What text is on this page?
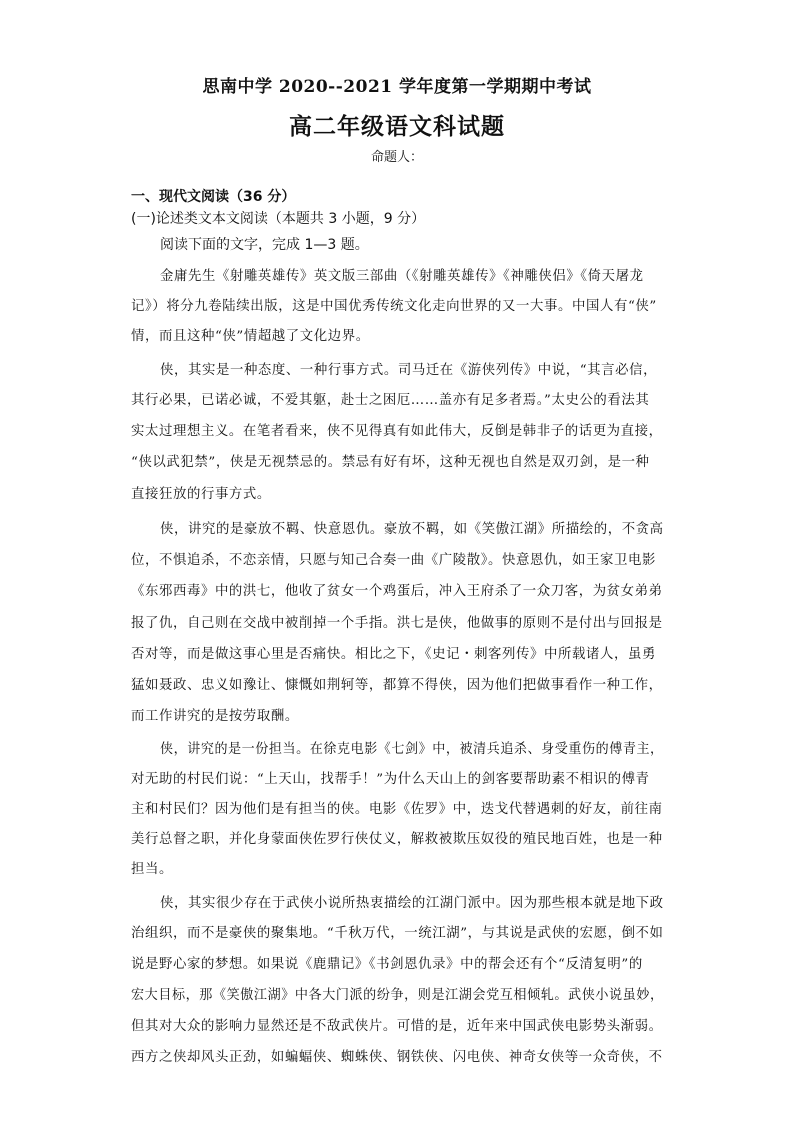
思南中学 2020--2021 学年度第一学期期中考试
高二年级语文科试题
命题人：
一、现代文阅读（36 分）
(一)论述类文本文阅读（本题共 3 小题，9 分）
阅读下面的文字，完成 1—3 题。
金庸先生《射雕英雄传》英文版三部曲（《射雕英雄传》《神雕侠侣》《倚天屠龙
记》）将分九卷陆续出版，这是中国优秀传统文化走向世界的又一大事。中国人有“侠”
情，而且这种“侠”情超越了文化边界。
侠，其实是一种态度、一种行事方式。司马迁在《游侠列传》中说，“其言必信，
其行必果，已诺必诚，不爱其躯，赴士之困厄……盖亦有足多者焉。”太史公的看法其
实太过理想主义。在笔者看来，侠不见得真有如此伟大，反倒是韩非子的话更为直接，
“侠以武犯禁”，侠是无视禁忌的。禁忌有好有坏，这种无视也自然是双刃剑，是一种
直接狂放的行事方式。
侠，讲究的是豪放不羁、快意恩仇。豪放不羁，如《笑傲江湖》所描绘的，不贪高
位，不惧追杀，不恋亲情，只愿与知己合奏一曲《广陵散》。快意恩仇，如王家卫电影
《东邪西毒》中的洪七，他收了贫女一个鸡蛋后，冲入王府杀了一众刀客，为贫女弟弟
报了仇，自己则在交战中被削掉一个手指。洪七是侠，他做事的原则不是付出与回报是
否对等，而是做这事心里是否痛快。相比之下，《史记・刺客列传》中所载诸人，虽勇
猛如聂政、忠义如豫让、慷慨如荆轲等，都算不得侠，因为他们把做事看作一种工作，
而工作讲究的是按劳取酬。
侠，讲究的是一份担当。在徐克电影《七剑》中，被清兵追杀、身受重伤的傅青主，
对无助的村民们说：“上天山，找帮手！”为什么天山上的剑客要帮助素不相识的傅青
主和村民们？因为他们是有担当的侠。电影《佐罗》中，迭戈代替遇刺的好友，前往南
美行总督之职，并化身蒙面侠佐罗行侠仗义，解救被欺压奴役的殖民地百姓，也是一种
担当。
侠，其实很少存在于武侠小说所热衷描绘的江湖门派中。因为那些根本就是地下政
治组织，而不是豪侠的聚集地。“千秋万代，一统江湖”，与其说是武侠的宏愿，倒不如
说是野心家的梦想。如果说《鹿鼎记》《书剑恩仇录》中的帮会还有个“反清复明”的
宏大目标，那《笑傲江湖》中各大门派的纷争，则是江湖会党互相倾轧。武侠小说虽妙，
但其对大众的影响力显然还是不敌武侠片。可惜的是，近年来中国武侠电影势头渐弱。
西方之侠却风头正劲，如蝙蝠侠、蜘蛛侠、钢铁侠、闪电侠、神奇女侠等一众奇侠，不
